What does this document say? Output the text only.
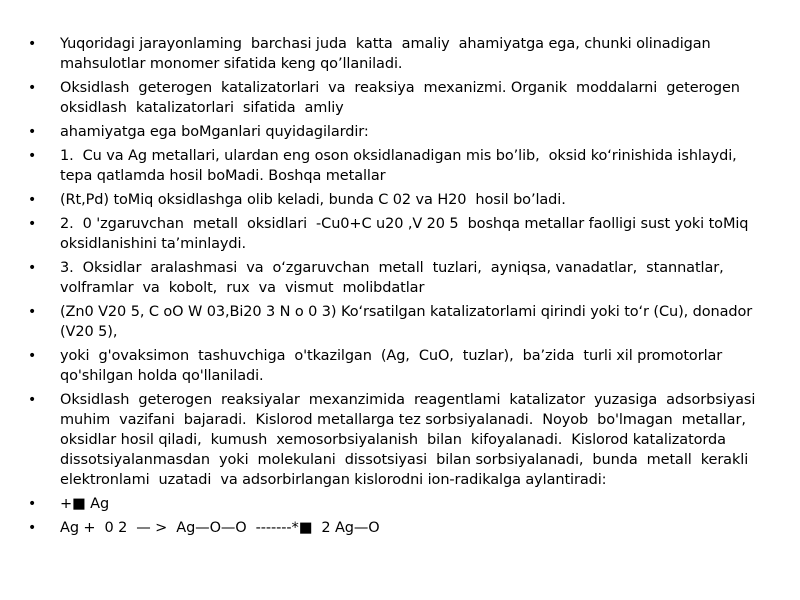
• Yuqoridagi jarayonlaming  barchasi juda  katta  amaliy  ahamiyatga ega, chunki olinadigan mahsulotlar monomer sifatida keng qo’llaniladi.
• Oksidlash  geterogen  katalizatorlari  va  reaksiya  mexanizmi. Organik  moddalarni  geterogen oksidlash  katalizatorlari  sifatida  amliy
• ahamiyatga ega boMganlari quyidagilardir:
• 1.  Cu va Ag metallari, ulardan eng oson oksidlanadigan mis bo’lib,  oksid ko‘rinishida ishlaydi, tepa qatlamda hosil boMadi. Boshqa metallar
• (Rt,Pd) toMiq oksidlashga olib keladi, bunda C 02 va H20  hosil bo’ladi.
• 2.  0 'zgaruvchan  metall  oksidlari  -Cu0+C u20 ,V 20 5  boshqa metallar faolligi sust yoki toMiq oksidlanishini ta’minlaydi.
• 3.  Oksidlar  aralashmasi  va  o‘zgaruvchan  metall  tuzlari,  ayniqsa, vanadatlar,  stannatlar, volframlar  va  kobolt,  rux  va  vismut  molibdatlar
• (Zn0 V20 5, C oO W 03,Bi20 3 N o 0 3) Ko‘rsatilgan katalizatorlami qirindi yoki to‘r (Cu), donador (V20 5),
• yoki  g'ovaksimon  tashuvchiga  o'tkazilgan  (Ag,  CuO,  tuzlar),  ba’zida  turli xil promotorlar qo'shilgan holda qo'llaniladi.
• Oksidlash  geterogen  reaksiyalar  mexanzimida  reagentlami  katalizator  yuzasiga  adsorbsiyasi muhim  vazifani  bajaradi.  Kislorod metallarga tez sorbsiyalanadi.  Noyob  bo'lmagan  metallar, oksidlar hosil qiladi,  kumush  xemosorbsiyalanish  bilan  kifoyalanadi.  Kislorod katalizatorda dissotsiyalanmasdan  yoki  molekulani  dissotsiyasi  bilan sorbsiyalanadi,  bunda  metall  kerakli elektronlami  uzatadi  va adsorbirlangan kislorodni ion-radikalga aylantiradi:
• +■ Ag
• Ag +  0 2  — >  Ag—O—O  -------*■  2 Ag—O
